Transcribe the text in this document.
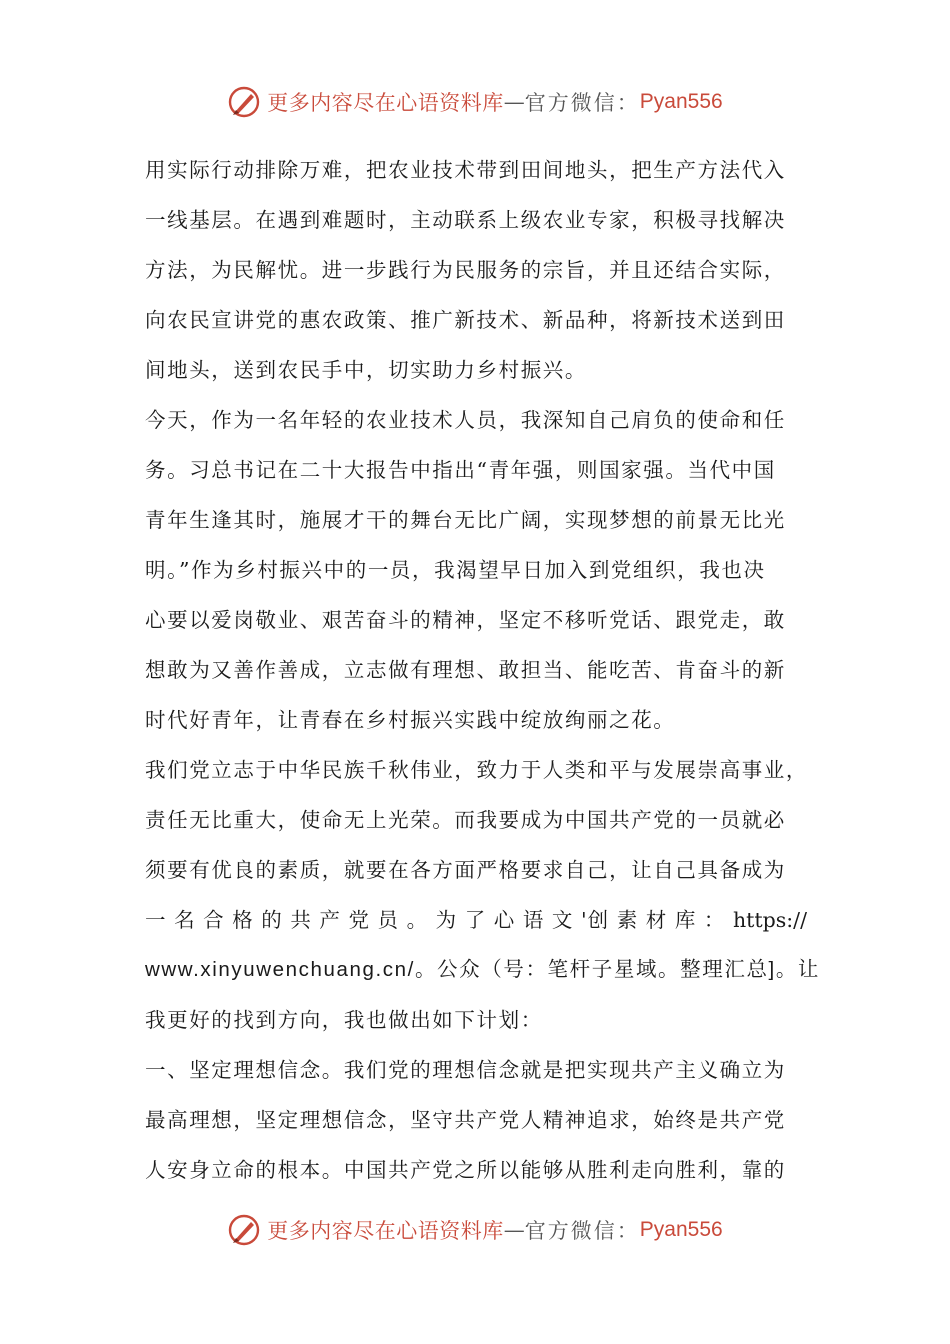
更多内容尽在心语资料库 — 官方微信： Pyan556
用实际行动排除万难，把农业技术带到田间地头，把生产方法代入
一线基层。在遇到难题时，主动联系上级农业专家，积极寻找解决
方法，为民解忧。进一步践行为民服务的宗旨，并且还结合实际，
向农民宣讲党的惠农政策、推广新技术、新品种，将新技术送到田
间地头，送到农民手中，切实助力乡村振兴。
今天，作为一名年轻的农业技术人员，我深知自己肩负的使命和任
务。习总书记在二十大报告中指出“青年强，则国家强。当代中国
青年生逢其时，施展才干的舞台无比广阔，实现梦想的前景无比光
明。”作为乡村振兴中的一员，我渴望早日加入到党组织，我也决
心要以爱岗敬业、艰苦奋斗的精神，坚定不移听党话、跟党走，敢
想敢为又善作善成，立志做有理想、敢担当、能吃苦、肯奋斗的新
时代好青年，让青春在乡村振兴实践中绽放绚丽之花。
我们党立志于中华民族千秋伟业，致力于人类和平与发展崇高事业，
责任无比重大，使命无上光荣。而我要成为中国共产党的一员就必
须要有优良的素质，就要在各方面严格要求自己，让自己具备成为
一 名 合 格 的 共 产 党 员 。 为 了 心 语 文 '创 素 材 库 ： https://
www.xinyuwenchuang.cn/。公众（号：笔杆子星域。整理汇总]。让
我更好的找到方向，我也做出如下计划：
一、坚定理想信念。我们党的理想信念就是把实现共产主义确立为
最高理想，坚定理想信念，坚守共产党人精神追求，始终是共产党
人安身立命的根本。中国共产党之所以能够从胜利走向胜利，靠的
更多内容尽在心语资料库 — 官方微信： Pyan556
